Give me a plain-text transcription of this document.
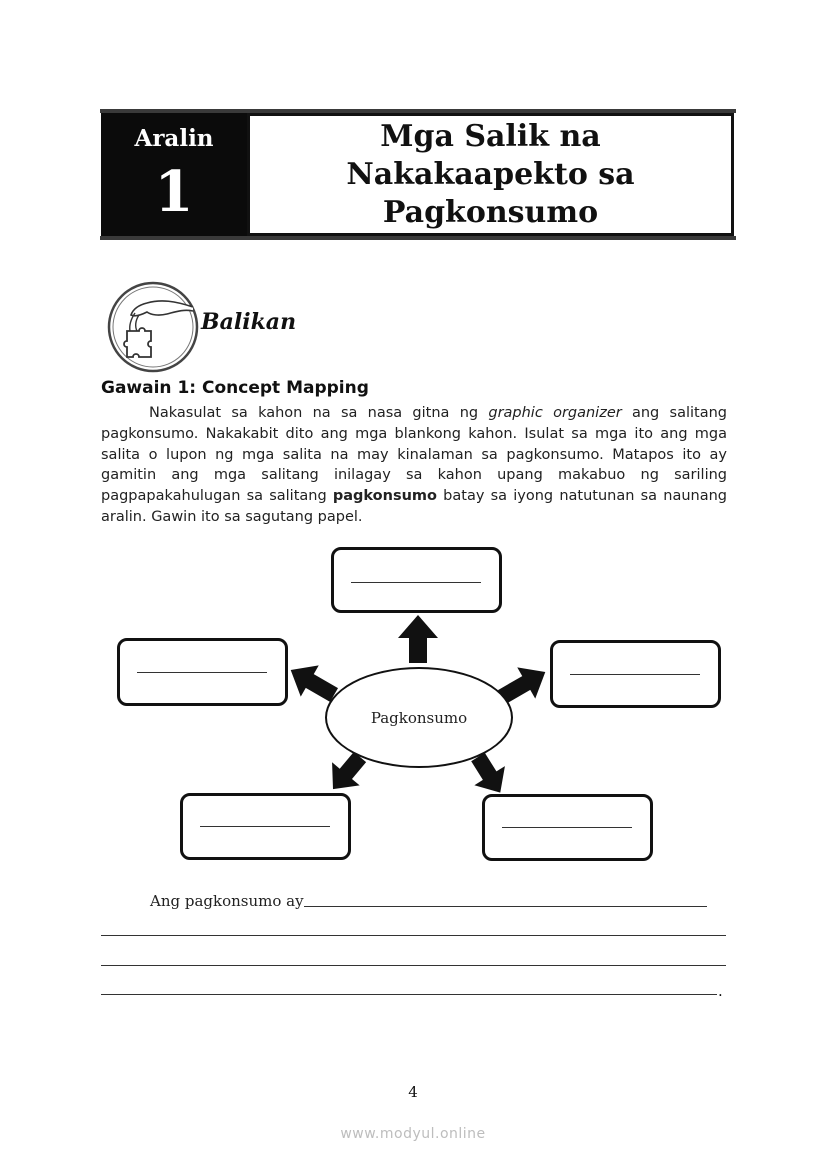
Aralin
1
Mga Salik na
Nakakaapekto sa
Pagkonsumo
Balikan
Gawain 1: Concept Mapping
Nakasulat sa kahon na sa nasa gitna ng graphic organizer ang salitang pagkonsumo. Nakakabit dito ang mga blankong kahon. Isulat sa mga ito ang mga salita o lupon ng mga salita na may kinalaman sa pagkonsumo. Matapos ito ay gamitin ang mga salitang inilagay sa kahon upang makabuo ng sariling pagpapakahulugan sa salitang pagkonsumo batay sa iyong natutunan sa naunang aralin. Gawin ito sa sagutang papel.
Pagkonsumo
Ang pagkonsumo ay
.
4
www.modyul.online
